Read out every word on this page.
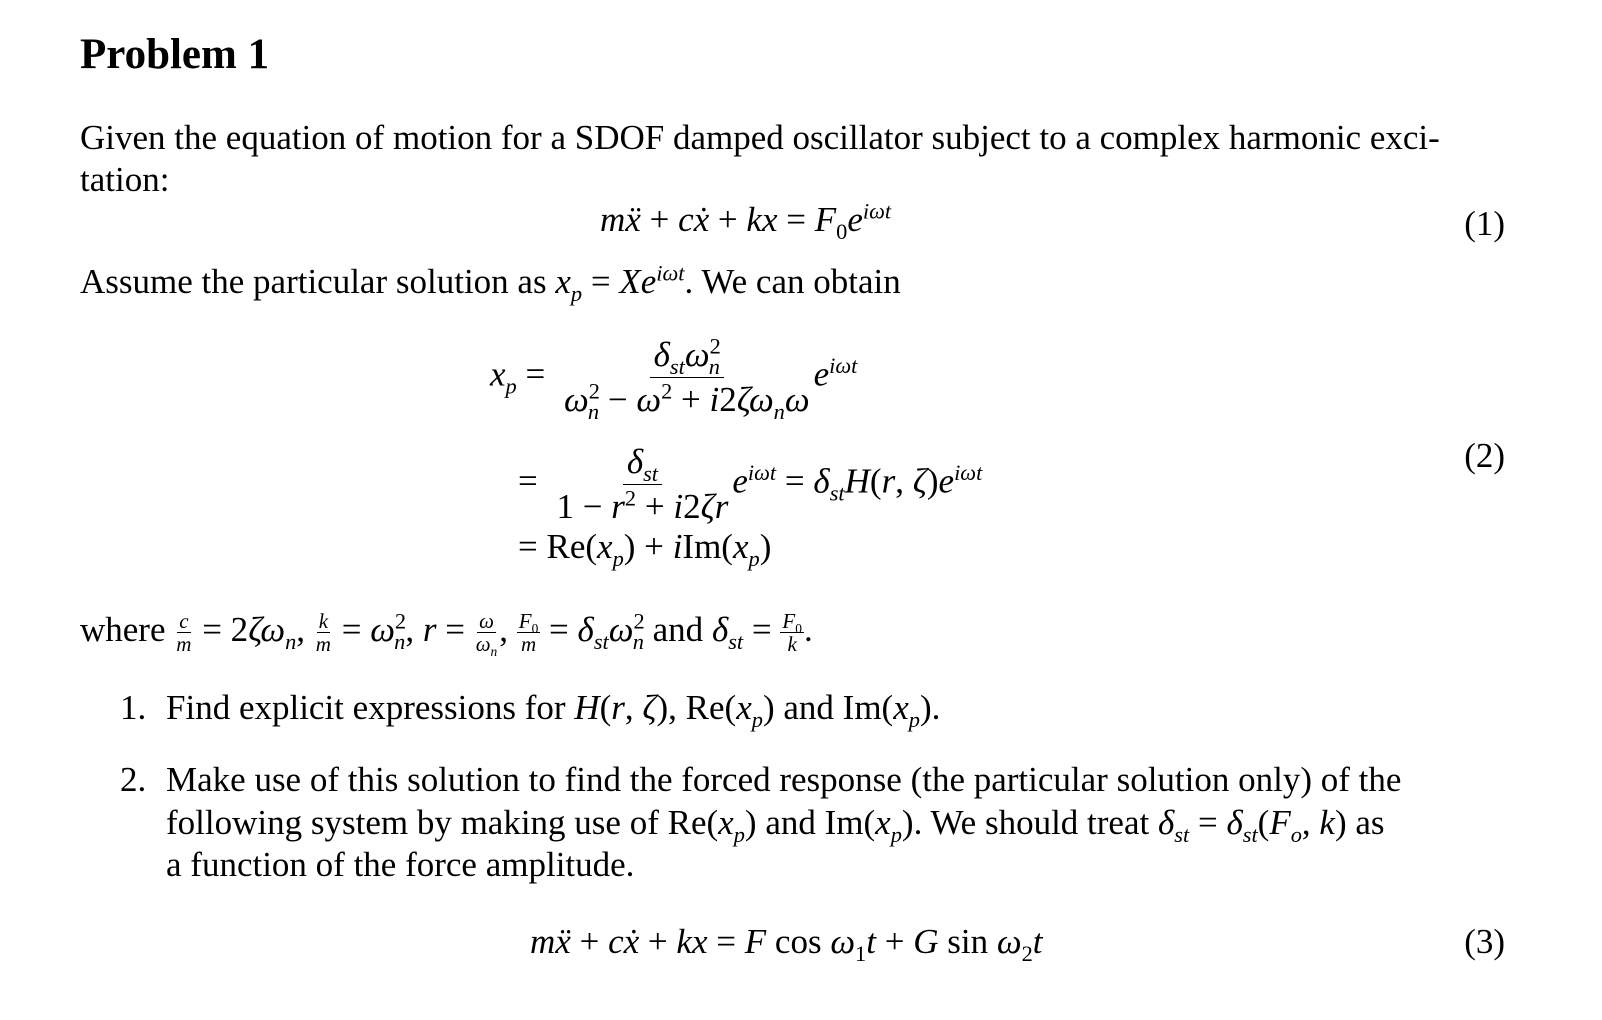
Problem 1
Given the equation of motion for a SDOF damped oscillator subject to a complex harmonic exci-
tation:
mẍ + cẋ + kx = $F_0e^{i\omega t}$	(1)
Assume the particular solution as $x_p = Xe^{i\omega t}$. We can obtain
$x_p = \frac{\delta_{st}\omega^2_n}{\omega^2_n - \omega^2 + i2\zeta\omega_n\omega} e^{i\omega t}$
= $\frac{\delta_{st}}{1 - r^2 + i2\zeta r} e^{i\omega t} = \delta_{st}H(r$, $\zeta)e^{i\omega t}$	(2)
= $Re(x_p) + iIm(x_p)$
where $\frac{c}{m} = 2\zeta\omega_n$, $\frac{k}{m} = \omega^2_n$, $r = \frac{\omega}{\omega_n}$ , $\frac{F_0}{m} = \delta_{st}\omega^2_n$ and $\delta_{st} = \frac{F_0}{k}$ .
1. Find explicit expressions for H(r, ζ), $Re(x_p)$ and $Im(x_p)$.
2. Make use of this solution to find the forced response (the particular solution only) of the
following system by making use of $Re(x_p)$ and $Im(x_p)$. We should treat $\delta_{st} = \delta_{st}(F_o$, k) as
a function of the force amplitude.
mẍ + cẋ + kx = F $\cos \omega_1t + G$ $\sin \omega_2t$	(3)
